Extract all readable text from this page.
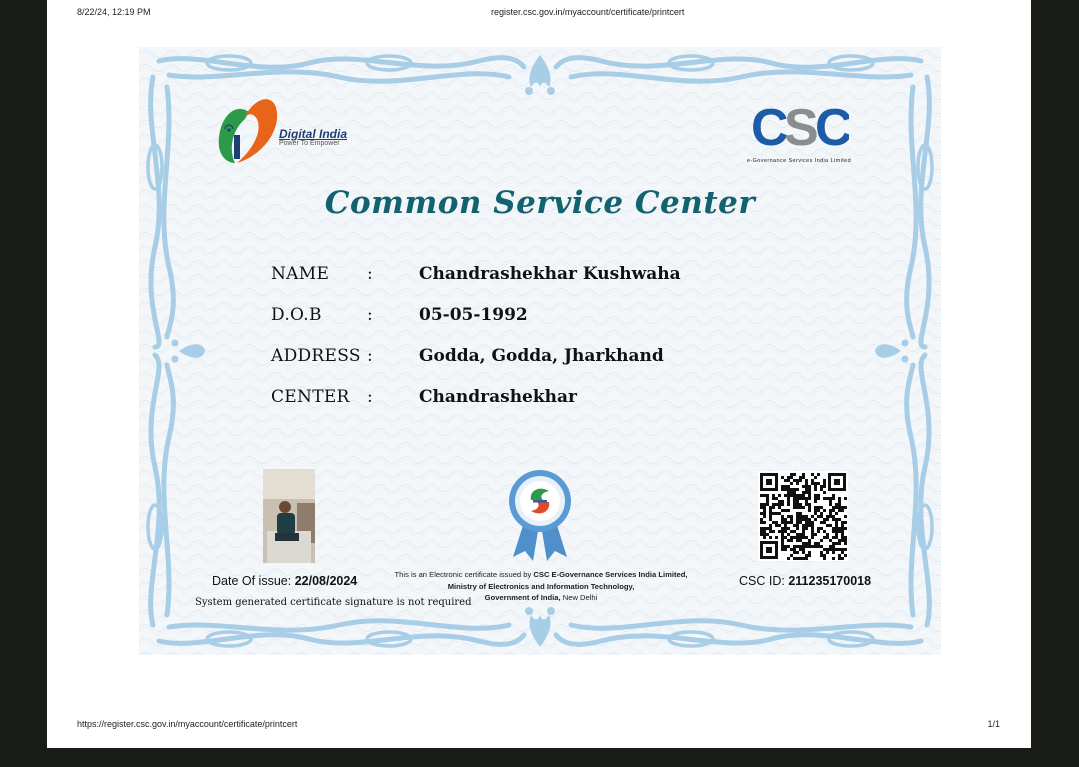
8/22/24, 12:19 PM	register.csc.gov.in/myaccount/certificate/printcert
Digital India
Power To Empower	C
S
C
e-Governance Services India Limited
Common Service Center
NAME :	Chandrashekhar Kushwaha
D.O.B	:	05-05-1992
ADDRESS :	Godda, Godda, Jharkhand
CENTER :	Chandrashekhar
Date Of issue: 22/08/2024
System generated certificate signature is not required
This is an Electronic certificate issued by CSC E-Governance Services India Limited,
Ministry of Electronics and Information Technology,
Government of India, New Delhi
CSC ID: 211235170018
https://register.csc.gov.in/myaccount/certificate/printcert	1/1
